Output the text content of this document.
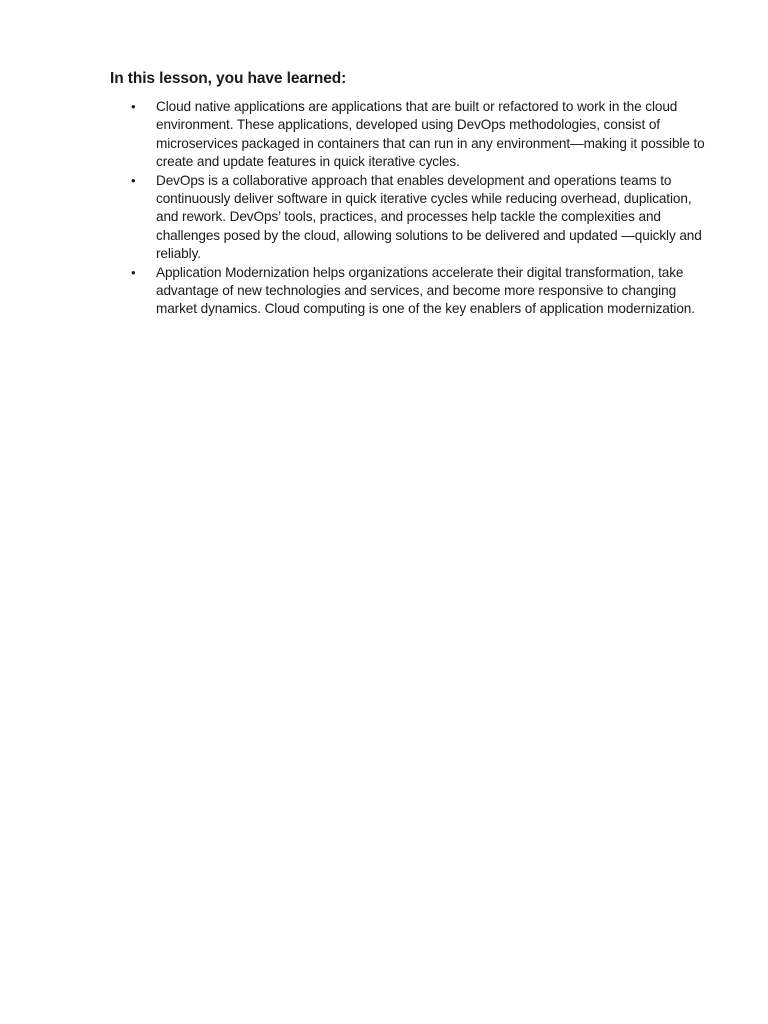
In this lesson, you have learned:
• Cloud native applications are applications that are built or refactored to work in the cloud environment. These applications, developed using DevOps methodologies, consist of microservices packaged in containers that can run in any environment—making it possible to create and update features in quick iterative cycles.
• DevOps is a collaborative approach that enables development and operations teams to continuously deliver software in quick iterative cycles while reducing overhead, duplication, and rework. DevOps’ tools, practices, and processes help tackle the complexities and challenges posed by the cloud, allowing solutions to be delivered and updated —quickly and reliably.
• Application Modernization helps organizations accelerate their digital transformation, take advantage of new technologies and services, and become more responsive to changing market dynamics. Cloud computing is one of the key enablers of application modernization.
